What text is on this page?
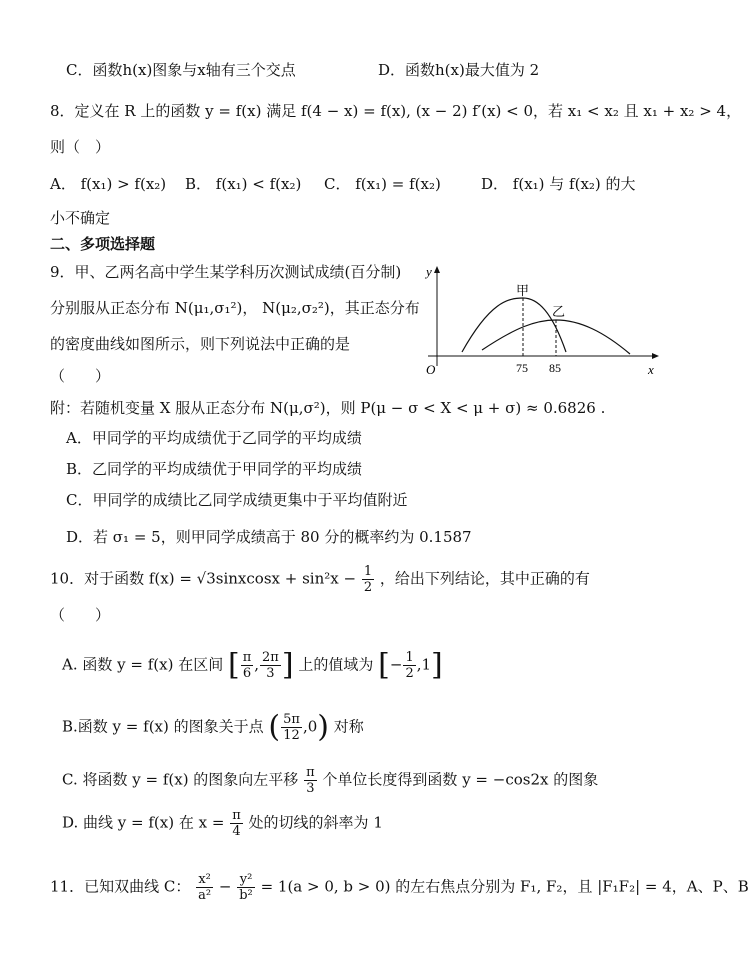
C．函数h(x)图象与x轴有三个交点	D．函数h(x)最大值为 2
8．定义在 R 上的函数 y = f(x) 满足 f(4 − x) = f(x), (x − 2) f′(x) < 0，若 x₁ < x₂ 且 x₁ + x₂ > 4，
则（　）
A． f(x₁) > f(x₂) B． f(x₁) < f(x₂) C． f(x₁) = f(x₂)	D． f(x₁) 与 f(x₂) 的大
小不确定
二、多项选择题
9．甲、乙两名高中学生某学科历次测试成绩(百分制)
分别服从正态分布 N(μ₁,σ₁²)， N(μ₂,σ₂²)，其正态分布
的密度曲线如图所示，则下列说法中正确的是
（　　）
y
x
O	75 85
甲
乙
附：若随机变量 X 服从正态分布 N(μ,σ²)，则 P(μ − σ < X < μ + σ) ≈ 0.6826 .
A．甲同学的平均成绩优于乙同学的平均成绩
B．乙同学的平均成绩优于甲同学的平均成绩
C．甲同学的成绩比乙同学成绩更集中于平均值附近
D．若 σ₁ = 5，则甲同学成绩高于 80 分的概率约为 0.1587
10．对于函数 f(x) = √3sinxcosx + $\sin^2x - \frac{1}{2}$ ，给出下列结论，其中正确的有
（　　）
A. 函数 y = f(x) 在区间 [ $\frac{\pi}{6}$ , $\frac{2\pi}{3}$ ] 上的值域为 [− $\frac{1}{2} ,1$]
B.函数 y = f(x) 的图象关于点 ( $\frac{5\pi}{12} ,0$) 对称
C. 将函数 y = f(x) 的图象向左平移 $\frac{\pi}{3}$ 个单位长度得到函数 y = −cos2x 的图象
D. 曲线 y = f(x) 在 $x = \frac{\pi}{4}$ 处的切线的斜率为 1
11．已知双曲线 C： $\frac{\text{x²}}{\text{a²}} - \frac{\text{y²}}{\text{b²}} = 1(a > 0$, b > 0) 的左右焦点分别为 F₁, F₂，且 |F₁F₂| = 4，A、P、B
